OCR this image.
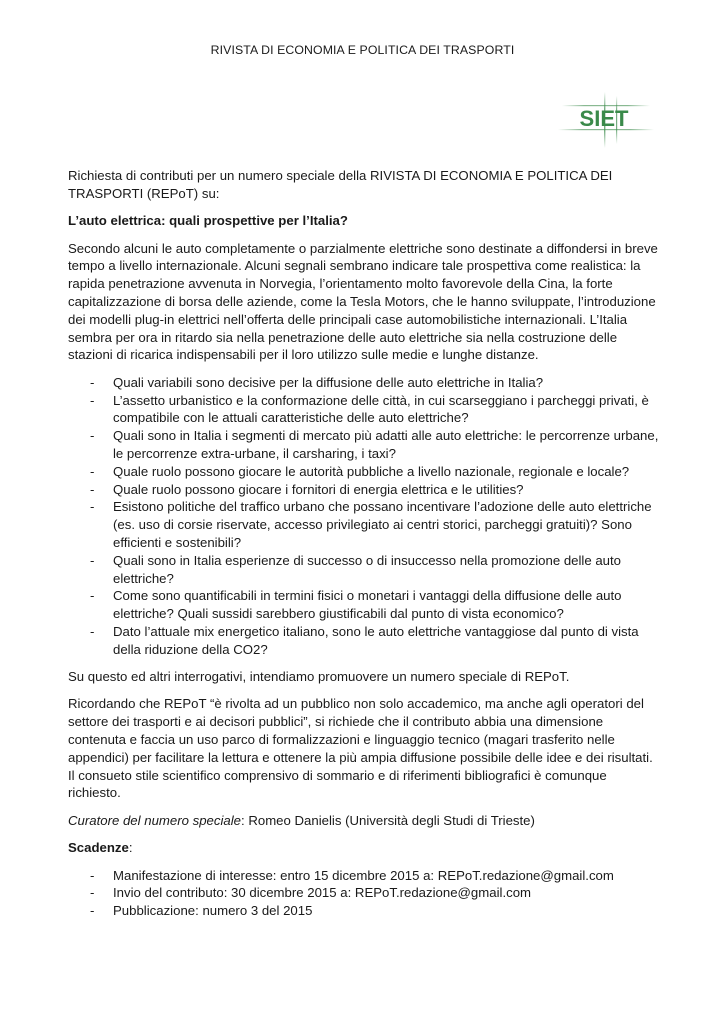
RIVISTA DI ECONOMIA E POLITICA DEI TRASPORTI
SIET

Richiesta di contributi per un numero speciale della RIVISTA DI ECONOMIA E POLITICA DEI TRASPORTI (REPoT) su:

L’auto elettrica: quali prospettive per l’Italia?

Secondo alcuni le auto completamente o parzialmente elettriche sono destinate a diffondersi in breve tempo a livello internazionale. Alcuni segnali sembrano indicare tale prospettiva come realistica: la rapida penetrazione avvenuta in Norvegia, l’orientamento molto favorevole della Cina, la forte capitalizzazione di borsa delle aziende, come la Tesla Motors, che le hanno sviluppate, l’introduzione dei modelli plug-in elettrici nell’offerta delle principali case automobilistiche internazionali. L’Italia sembra per ora in ritardo sia nella penetrazione delle auto elettriche sia nella costruzione delle stazioni di ricarica indispensabili per il loro utilizzo sulle medie e lunghe distanze.

- Quali variabili sono decisive per la diffusione delle auto elettriche in Italia?
- L’assetto urbanistico e la conformazione delle città, in cui scarseggiano i parcheggi privati, è compatibile con le attuali caratteristiche delle auto elettriche?
- Quali sono in Italia i segmenti di mercato più adatti alle auto elettriche: le percorrenze urbane, le percorrenze extra-urbane, il carsharing, i taxi?
- Quale ruolo possono giocare le autorità pubbliche a livello nazionale, regionale e locale?
- Quale ruolo possono giocare i fornitori di energia elettrica e le utilities?
- Esistono politiche del traffico urbano che possano incentivare l’adozione delle auto elettriche (es. uso di corsie riservate, accesso privilegiato ai centri storici, parcheggi gratuiti)? Sono efficienti e sostenibili?
- Quali sono in Italia esperienze di successo o di insuccesso nella promozione delle auto elettriche?
- Come sono quantificabili in termini fisici o monetari i vantaggi della diffusione delle auto elettriche? Quali sussidi sarebbero giustificabili dal punto di vista economico?
- Dato l’attuale mix energetico italiano, sono le auto elettriche vantaggiose dal punto di vista della riduzione della CO2?

Su questo ed altri interrogativi, intendiamo promuovere un numero speciale di REPoT.

Ricordando che REPoT “è rivolta ad un pubblico non solo accademico, ma anche agli operatori del settore dei trasporti e ai decisori pubblici”, si richiede che il contributo abbia una dimensione contenuta e faccia un uso parco di formalizzazioni e linguaggio tecnico (magari trasferito nelle appendici) per facilitare la lettura e ottenere la più ampia diffusione possibile delle idee e dei risultati. Il consueto stile scientifico comprensivo di sommario e di riferimenti bibliografici è comunque richiesto.

Curatore del numero speciale: Romeo Danielis (Università degli Studi di Trieste)

Scadenze:

- Manifestazione di interesse: entro 15 dicembre 2015 a: REPoT.redazione@gmail.com
- Invio del contributo: 30 dicembre 2015 a: REPoT.redazione@gmail.com
- Pubblicazione: numero 3 del 2015
